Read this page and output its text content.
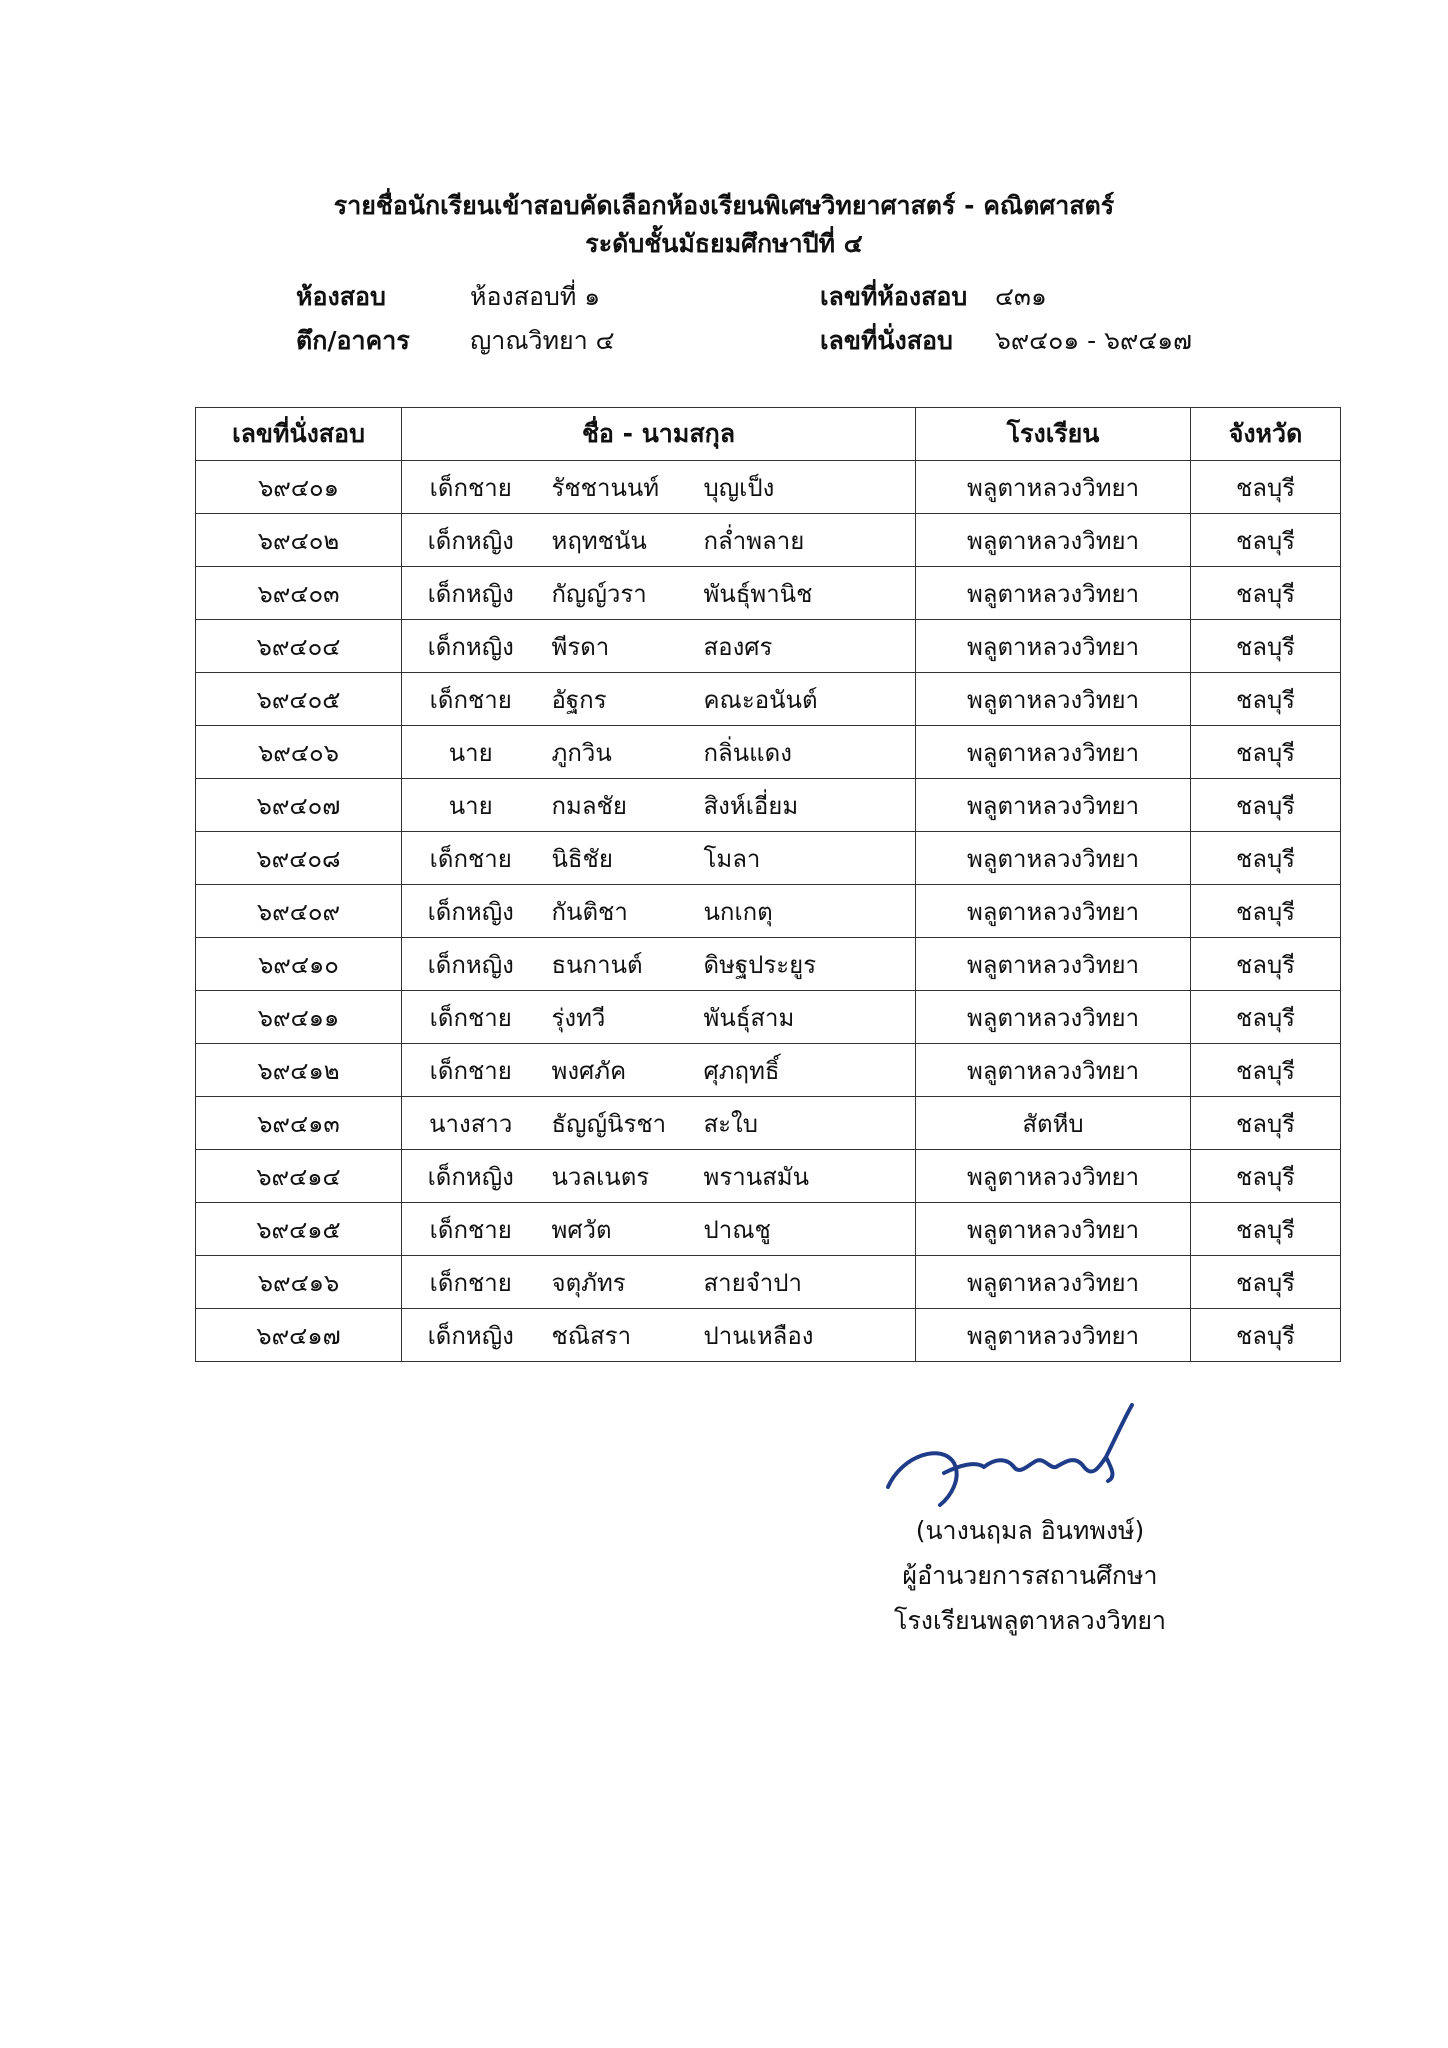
รายชื่อนักเรียนเข้าสอบคัดเลือกห้องเรียนพิเศษวิทยาศาสตร์ - คณิตศาสตร์
ระดับชั้นมัธยมศึกษาปีที่ ๔
ห้องสอบ	ห้องสอบที่ ๑	เลขที่ห้องสอบ ๔๓๑
ตึก/อาคาร ญาณวิทยา ๔	เลขที่นั่งสอบ ๖๙๔๐๑ - ๖๙๔๑๗
เลขที่นั่งสอบ	ชื่อ - นามสกุล			โรงเรียน	จังหวัด
๖๙๔๐๑	เด็กชาย	รัชชานนท์	บุญเป็ง	พลูตาหลวงวิทยา	ชลบุรี
๖๙๔๐๒	เด็กหญิง	หฤทชนัน	กล่ำพลาย	พลูตาหลวงวิทยา	ชลบุรี
๖๙๔๐๓	เด็กหญิง	กัญญ์วรา	พันธุ์พานิช	พลูตาหลวงวิทยา	ชลบุรี
๖๙๔๐๔	เด็กหญิง	พีรดา	สองศร	พลูตาหลวงวิทยา	ชลบุรี
๖๙๔๐๕	เด็กชาย	อัฐกร	คณะอนันต์	พลูตาหลวงวิทยา	ชลบุรี
๖๙๔๐๖	นาย	ภูกวิน	กลิ่นแดง	พลูตาหลวงวิทยา	ชลบุรี
๖๙๔๐๗	นาย	กมลชัย	สิงห์เอี่ยม	พลูตาหลวงวิทยา	ชลบุรี
๖๙๔๐๘	เด็กชาย	นิธิชัย	โมลา	พลูตาหลวงวิทยา	ชลบุรี
๖๙๔๐๙	เด็กหญิง	กันติชา	นกเกตุ	พลูตาหลวงวิทยา	ชลบุรี
๖๙๔๑๐	เด็กหญิง	ธนกานต์	ดิษฐประยูร	พลูตาหลวงวิทยา	ชลบุรี
๖๙๔๑๑	เด็กชาย	รุ่งทวี	พันธุ์สาม	พลูตาหลวงวิทยา	ชลบุรี
๖๙๔๑๒	เด็กชาย	พงศภัค	ศุภฤทธิ์	พลูตาหลวงวิทยา	ชลบุรี
๖๙๔๑๓	นางสาว	ธัญญ์นิรชา	สะใบ	สัตหีบ	ชลบุรี
๖๙๔๑๔	เด็กหญิง	นวลเนตร	พรานสมัน	พลูตาหลวงวิทยา	ชลบุรี
๖๙๔๑๕	เด็กชาย	พศวัต	ปาณชู	พลูตาหลวงวิทยา	ชลบุรี
๖๙๔๑๖	เด็กชาย	จตุภัทร	สายจำปา	พลูตาหลวงวิทยา	ชลบุรี
๖๙๔๑๗	เด็กหญิง	ชณิสรา	ปานเหลือง	พลูตาหลวงวิทยา	ชลบุรี
(นางนฤมล อินทพงษ์)
ผู้อำนวยการสถานศึกษา
โรงเรียนพลูตาหลวงวิทยา
